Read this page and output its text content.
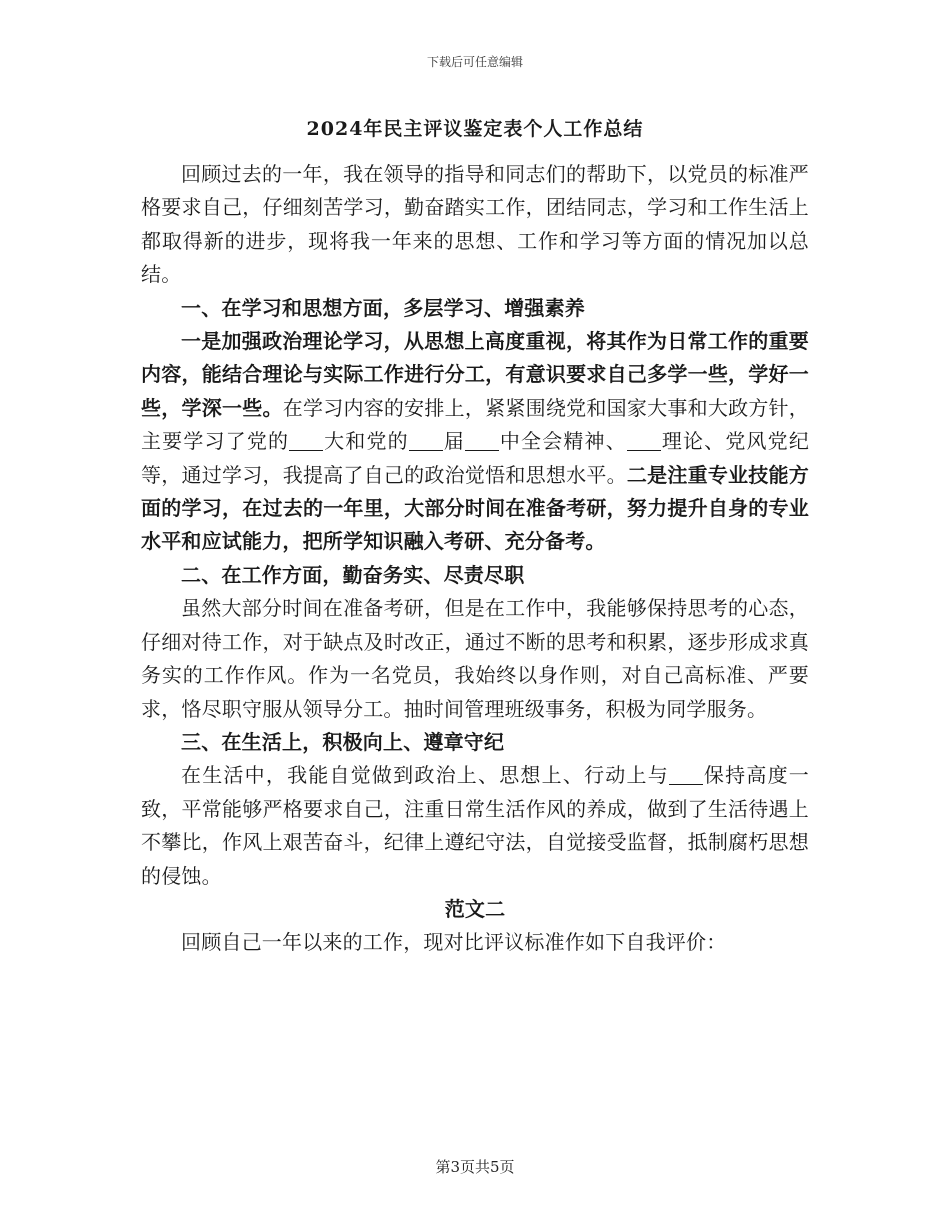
下载后可任意编辑
2024年民主评议鉴定表个人工作总结

回顾过去的一年，我在领导的指导和同志们的帮助下，以党员的标准严格要求自己，仔细刻苦学习，勤奋踏实工作，团结同志，学习和工作生活上都取得新的进步，现将我一年来的思想、工作和学习等方面的情况加以总结。

一、在学习和思想方面，多层学习、增强素养

一是加强政治理论学习，从思想上高度重视，将其作为日常工作的重要内容，能结合理论与实际工作进行分工，有意识要求自己多学一些，学好一些，学深一些。在学习内容的安排上，紧紧围绕党和国家大事和大政方针，主要学习了党的 大和党的 届 中全会精神、 理论、党风党纪等，通过学习，我提高了自己的政治觉悟和思想水平。二是注重专业技能方面的学习，在过去的一年里，大部分时间在准备考研，努力提升自身的专业水平和应试能力，把所学知识融入考研、充分备考。

二、在工作方面，勤奋务实、尽责尽职

虽然大部分时间在准备考研，但是在工作中，我能够保持思考的心态，仔细对待工作，对于缺点及时改正，通过不断的思考和积累，逐步形成求真务实的工作作风。作为一名党员，我始终以身作则，对自己高标准、严要求，恪尽职守服从领导分工。抽时间管理班级事务，积极为同学服务。

三、在生活上，积极向上、遵章守纪

在生活中，我能自觉做到政治上、思想上、行动上与 保持高度一致，平常能够严格要求自己，注重日常生活作风的养成，做到了生活待遇上不攀比，作风上艰苦奋斗，纪律上遵纪守法，自觉接受监督，抵制腐朽思想的侵蚀。

范文二

回顾自己一年以来的工作，现对比评议标准作如下自我评价：

第3页共5页
